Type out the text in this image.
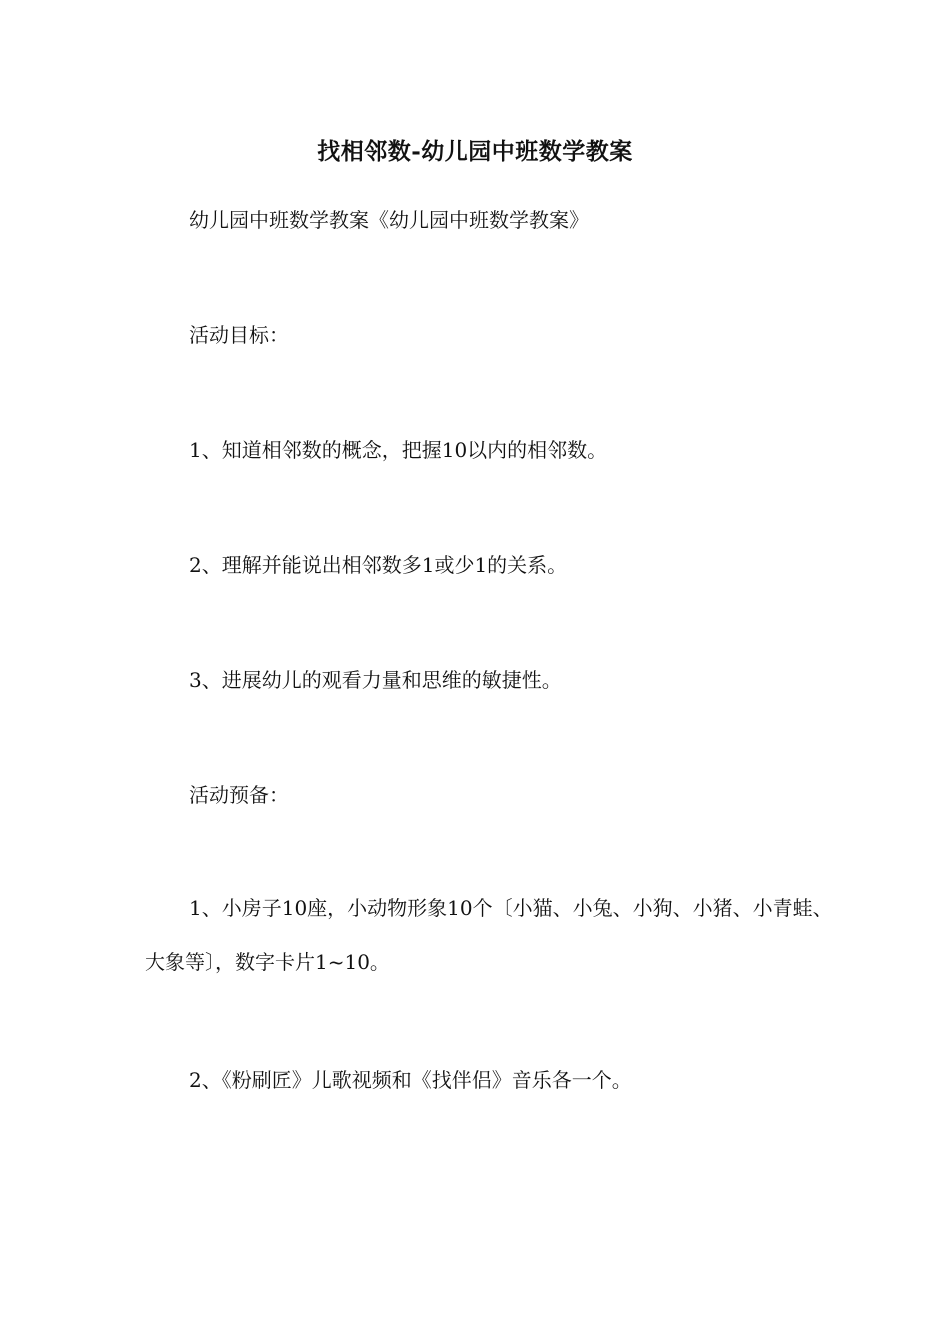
找相邻数-幼儿园中班数学教案
幼儿园中班数学教案《幼儿园中班数学教案》
活动目标：
1、知道相邻数的概念，把握10以内的相邻数。
2、理解并能说出相邻数多1或少1的关系。
3、进展幼儿的观看力量和思维的敏捷性。
活动预备：
1、小房子10座，小动物形象10个〔小猫、小兔、小狗、小猪、小青蛙、大象等〕，数字卡片1~10。
2、《粉刷匠》儿歌视频和《找伴侣》音乐各一个。
